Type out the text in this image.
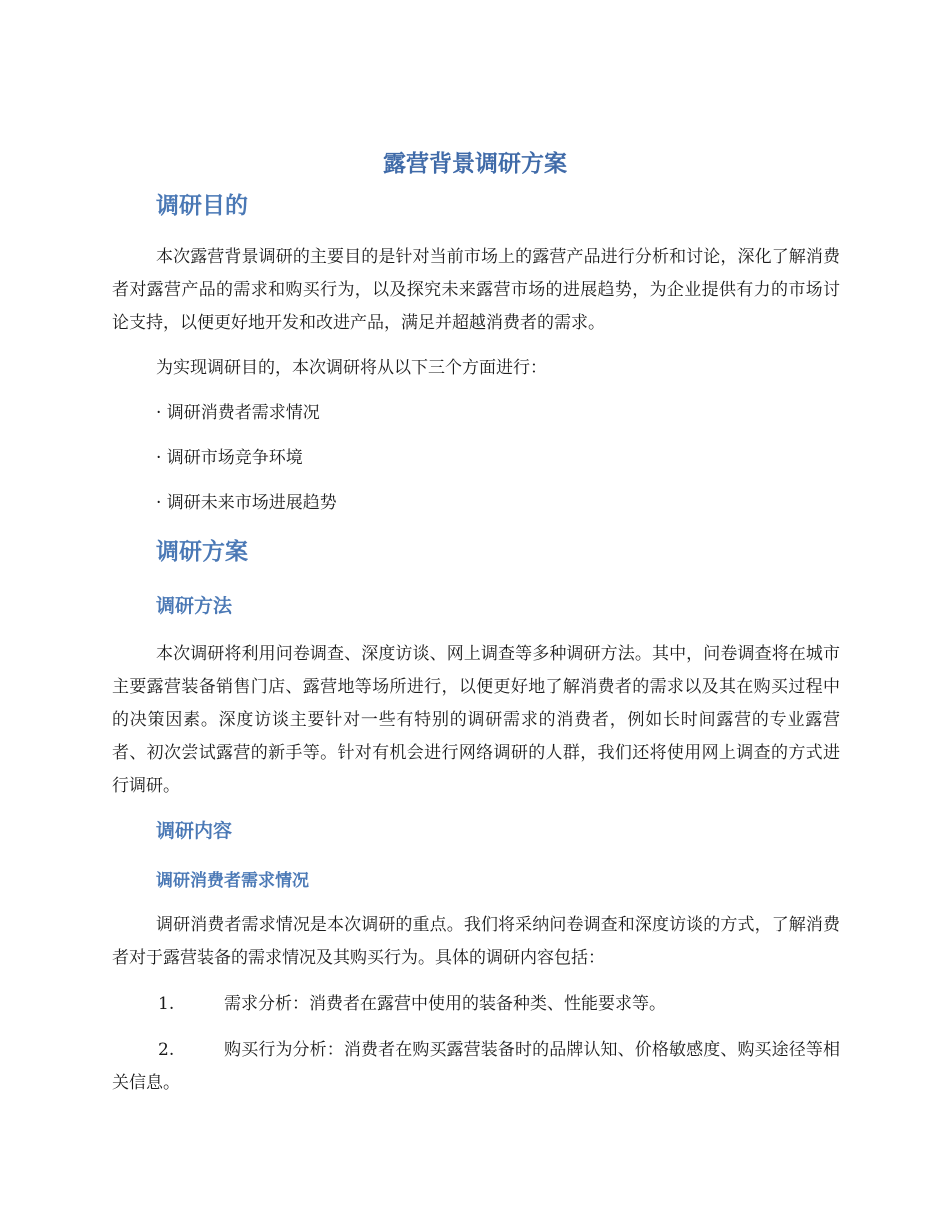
露营背景调研方案
调研目的

本次露营背景调研的主要目的是针对当前市场上的露营产品进行分析和讨论，深化了解消费者对露营产品的需求和购买行为，以及探究未来露营市场的进展趋势，为企业提供有力的市场讨论支持，以便更好地开发和改进产品，满足并超越消费者的需求。

为实现调研目的，本次调研将从以下三个方面进行：

· 调研消费者需求情况
· 调研市场竞争环境
· 调研未来市场进展趋势
调研方案
调研方法

本次调研将利用问卷调查、深度访谈、网上调查等多种调研方法。其中，问卷调查将在城市主要露营装备销售门店、露营地等场所进行，以便更好地了解消费者的需求以及其在购买过程中的决策因素。深度访谈主要针对一些有特别的调研需求的消费者，例如长时间露营的专业露营者、初次尝试露营的新手等。针对有机会进行网络调研的人群，我们还将使用网上调查的方式进行调研。

调研内容
调研消费者需求情况

调研消费者需求情况是本次调研的重点。我们将采纳问卷调查和深度访谈的方式，了解消费者对于露营装备的需求情况及其购买行为。具体的调研内容包括：

1.	需求分析：消费者在露营中使用的装备种类、性能要求等。

2.	购买行为分析：消费者在购买露营装备时的品牌认知、价格敏感度、购买途径等相关信息。
